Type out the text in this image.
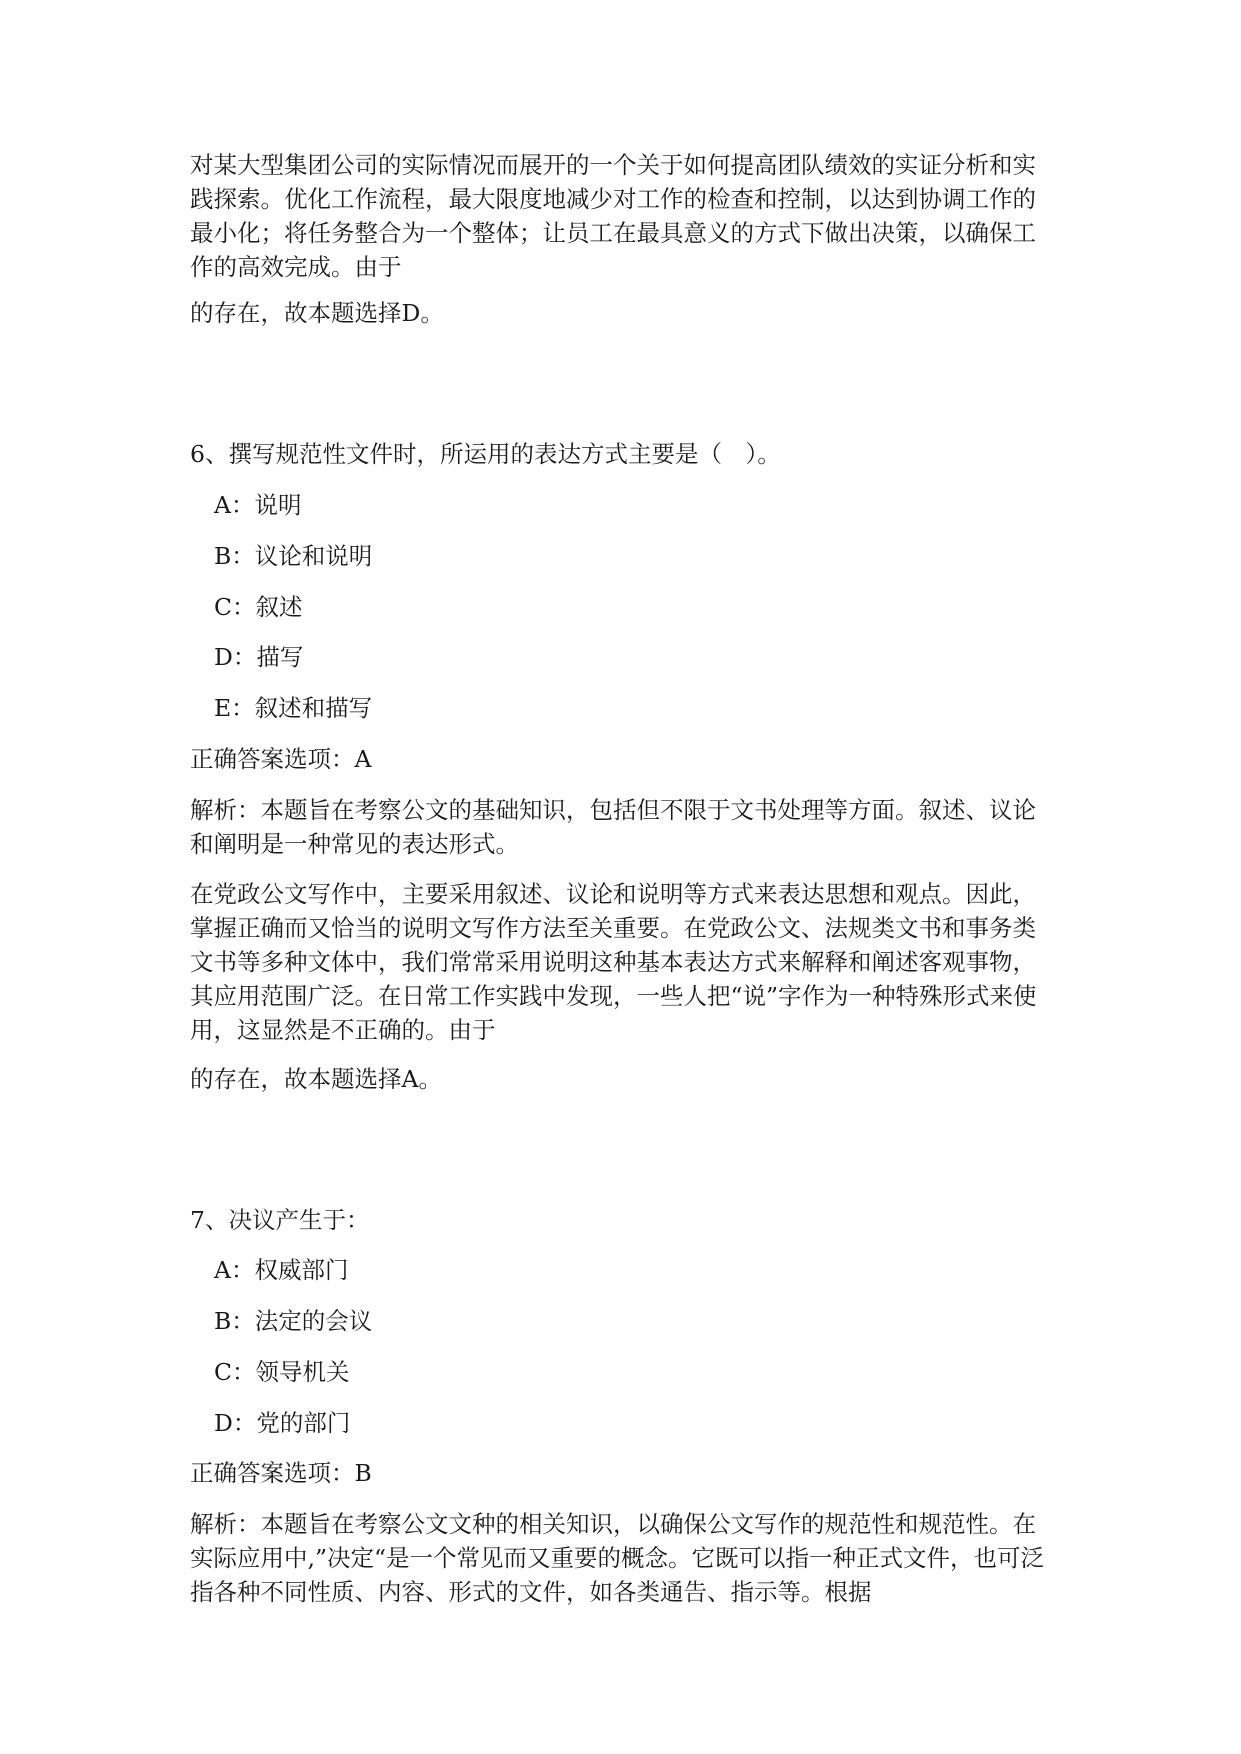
对某大型集团公司的实际情况而展开的一个关于如何提高团队绩效的实证分析和实践探索。优化工作流程，最大限度地减少对工作的检查和控制，以达到协调工作的最小化；将任务整合为一个整体；让员工在最具意义的方式下做出决策，以确保工作的高效完成。由于

的存在，故本题选择D。

6、撰写规范性文件时，所运用的表达方式主要是（　）。

A：说明

B：议论和说明

C：叙述

D：描写

E：叙述和描写

正确答案选项：A

解析：本题旨在考察公文的基础知识，包括但不限于文书处理等方面。叙述、议论和阐明是一种常见的表达形式。

在党政公文写作中，主要采用叙述、议论和说明等方式来表达思想和观点。因此，掌握正确而又恰当的说明文写作方法至关重要。在党政公文、法规类文书和事务类文书等多种文体中，我们常常采用说明这种基本表达方式来解释和阐述客观事物，其应用范围广泛。在日常工作实践中发现，一些人把“说”字作为一种特殊形式来使用，这显然是不正确的。由于

的存在，故本题选择A。

7、决议产生于：

A：权威部门

B：法定的会议

C：领导机关

D：党的部门

正确答案选项：B

解析：本题旨在考察公文文种的相关知识，以确保公文写作的规范性和规范性。在实际应用中,”决定“是一个常见而又重要的概念。它既可以指一种正式文件，也可泛指各种不同性质、内容、形式的文件，如各类通告、指示等。根据
